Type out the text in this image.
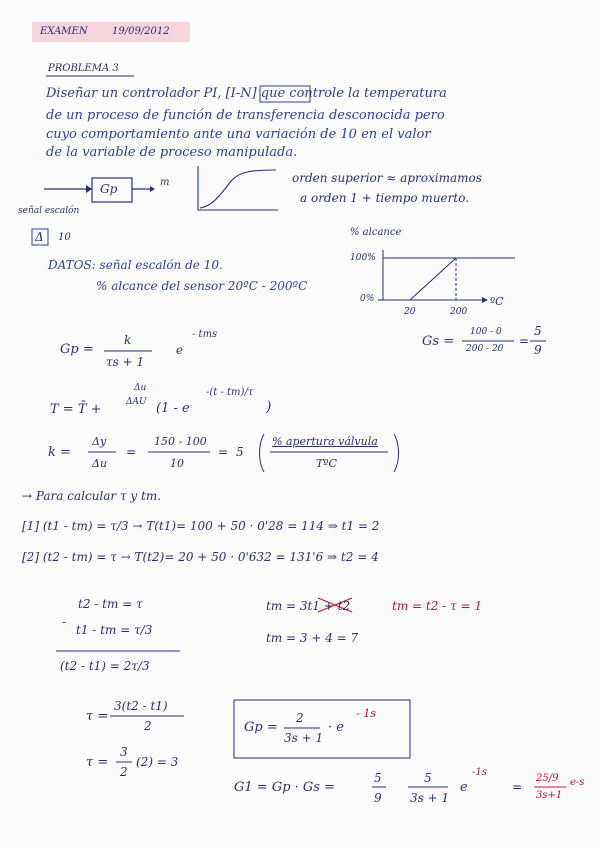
EXAMEN 19/09/2012
PROBLEMA 3
Diseñar un controlador PI, [I-N] que controle la temperatura
de un proceso de función de transferencia desconocida pero
cuyo comportamiento ante una variación de 10 en el valor
de la variable de proceso manipulada.
Gp	m
señal escalón
Δ 10
orden superior ≈ aproximamos
a orden 1 + tiempo muerto.
DATOS: señal escalón de 10.
% alcance del sensor 20ºC - 200ºC
% alcance
100%
0%
20	200
ºC
Gs =
100 - 0
200 - 20
=
5
9
Gp =
k
τs + 1
e
- tms
T = T̄ +
Δu
ΔAU (1 - e
-(t - tm)/τ
)
k =
Δy
Δu
=
150 - 100
10
= 5
% apertura válvula
TºC
→ Para calcular τ y tm.
[1] (t1 - tm) = τ/3 → T(t1)= 100 + 50 · 0'28 = 114 ⇒ t1 = 2
[2] (t2 - tm) = τ → T(t2)= 20 + 50 · 0'632 = 131'6 ⇒ t2 = 4
t2 - tm = τ
-
t1 - tm = τ/3
(t2 - t1) = 2τ/3
tm = 3t1 + t2
tm = 3 + 4 = 7
tm = t2 - τ = 1
τ =
3(t2 - t1)
2
τ =
3
2
(2) = 3
Gp =
2
3s + 1
· e
- 1s
G1 = Gp · Gs =
5
9
5
3s + 1
e
-1s
=
25/9
3s+1
e-s
